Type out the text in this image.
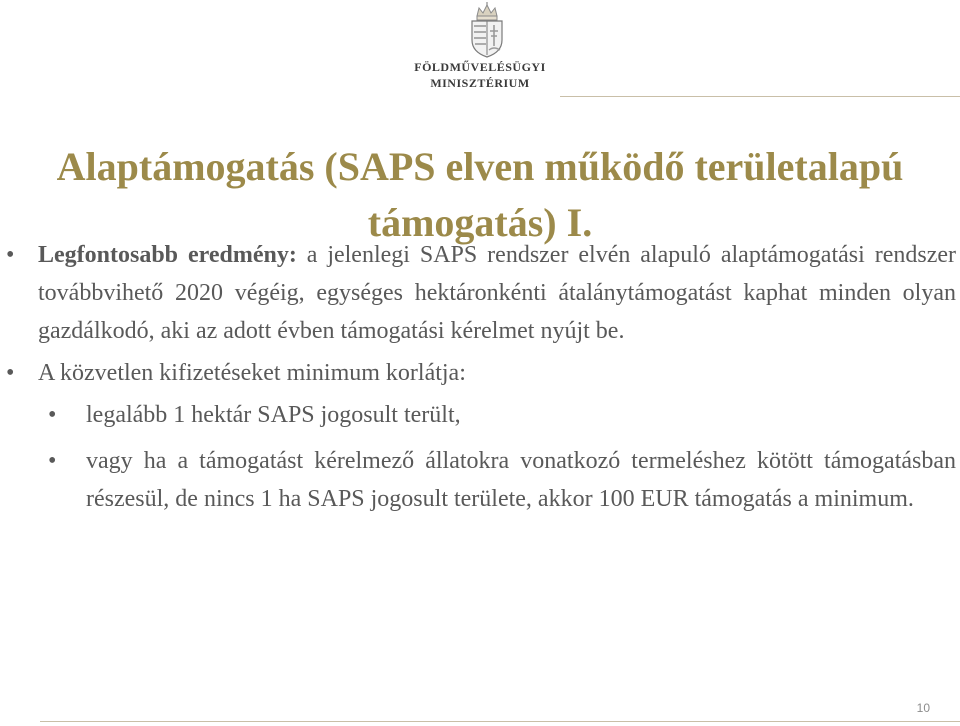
FÖLDMŰVELÉSÜGYI
MINISZTÉRIUM
Alaptámogatás (SAPS elven működő területalapú támogatás) I.
• Legfontosabb eredmény: a jelenlegi SAPS rendszer elvén alapuló alaptámogatási rendszer továbbvihető 2020 végéig, egységes hektáronkénti átalánytámogatást kaphat minden olyan gazdálkodó, aki az adott évben támogatási kérelmet nyújt be.
• A közvetlen kifizetéseket minimum korlátja:
• legalább 1 hektár SAPS jogosult terült,
• vagy ha a támogatást kérelmező állatokra vonatkozó termeléshez kötött támogatásban részesül, de nincs 1 ha SAPS jogosult területe, akkor 100 EUR támogatás a minimum.
10
